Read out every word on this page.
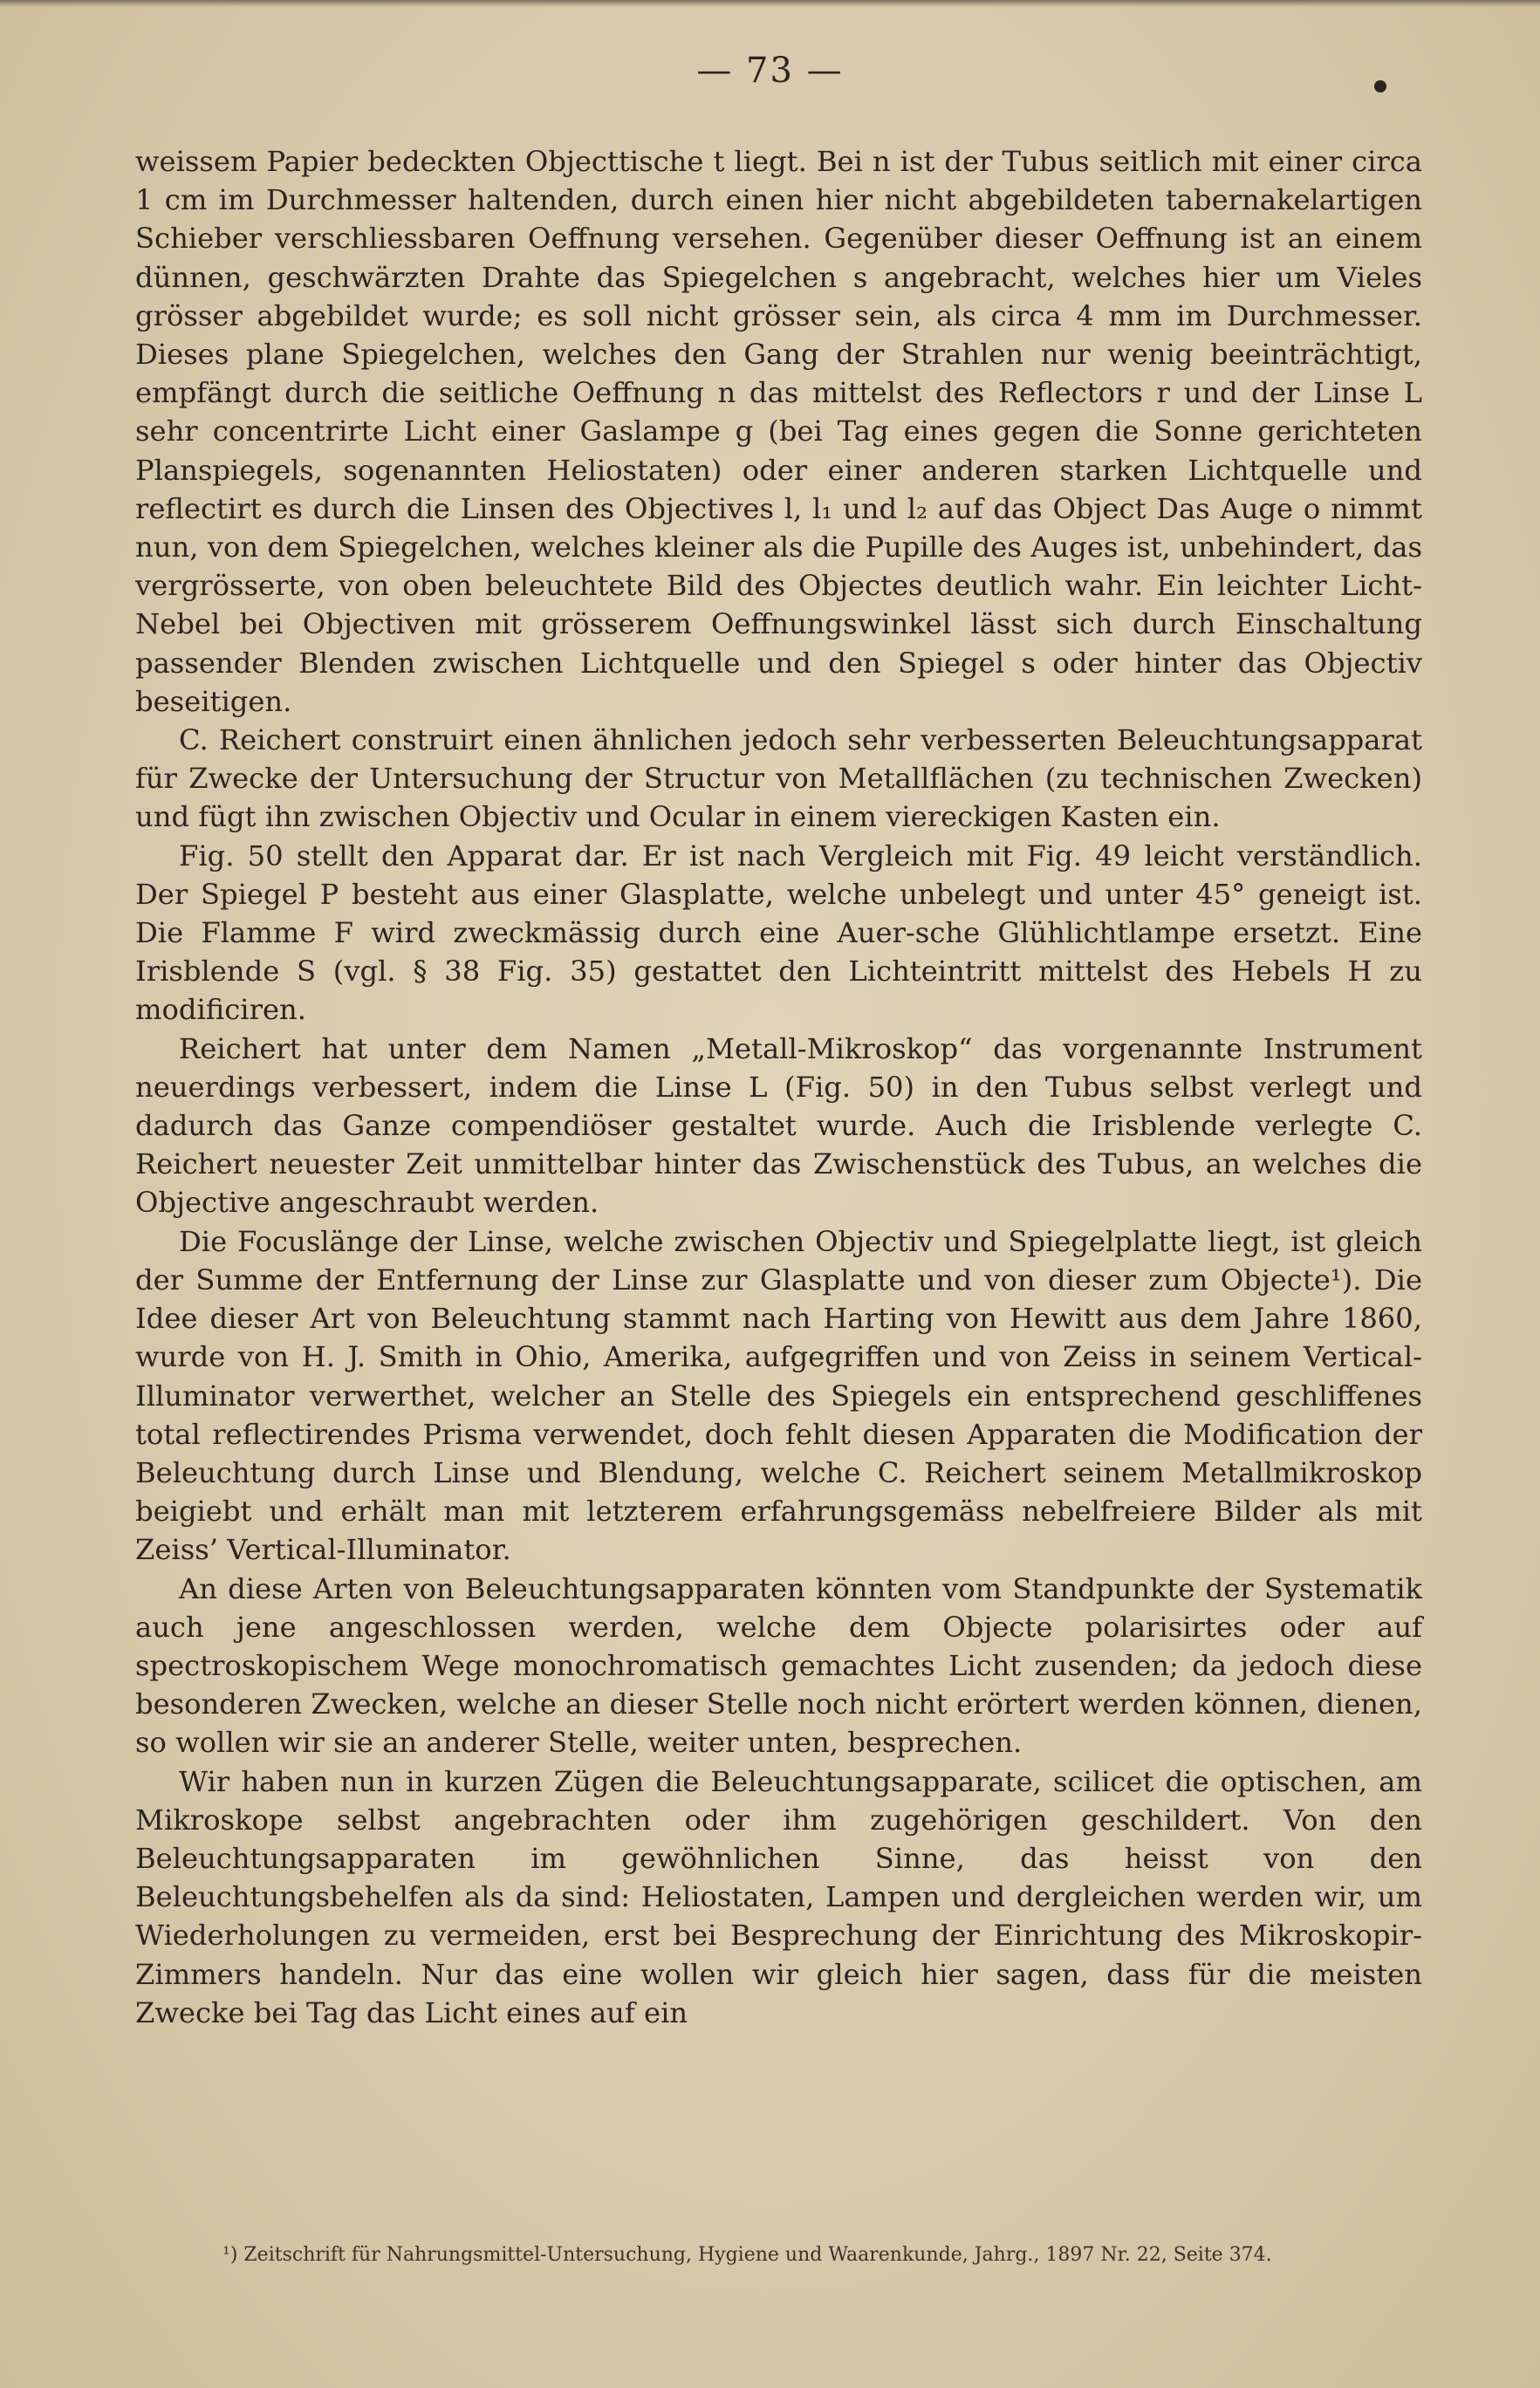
— 73 —

weissem Papier bedeckten Objecttische t liegt. Bei n ist der Tubus seitlich mit einer circa 1 cm im Durchmesser haltenden, durch einen hier nicht abgebildeten tabernakelartigen Schieber verschliessbaren Oeffnung versehen. Gegenüber dieser Oeffnung ist an einem dünnen, geschwärzten Drahte das Spiegelchen s angebracht, welches hier um Vieles grösser abgebildet wurde; es soll nicht grösser sein, als circa 4 mm im Durchmesser. Dieses plane Spiegelchen, welches den Gang der Strahlen nur wenig beeinträchtigt, empfängt durch die seitliche Oeffnung n das mittelst des Reflectors r und der Linse L sehr concentrirte Licht einer Gaslampe g (bei Tag eines gegen die Sonne gerichteten Planspiegels, sogenannten Heliostaten) oder einer anderen starken Lichtquelle und reflectirt es durch die Linsen des Objectives l, l₁ und l₂ auf das Object Das Auge o nimmt nun, von dem Spiegelchen, welches kleiner als die Pupille des Auges ist, unbehindert, das vergrösserte, von oben beleuchtete Bild des Objectes deutlich wahr. Ein leichter Licht-Nebel bei Objectiven mit grösserem Oeffnungswinkel lässt sich durch Einschaltung passender Blenden zwischen Lichtquelle und den Spiegel s oder hinter das Objectiv beseitigen.

C. Reichert construirt einen ähnlichen jedoch sehr verbesserten Beleuchtungsapparat für Zwecke der Untersuchung der Structur von Metallflächen (zu technischen Zwecken) und fügt ihn zwischen Objectiv und Ocular in einem viereckigen Kasten ein.

Fig. 50 stellt den Apparat dar. Er ist nach Vergleich mit Fig. 49 leicht verständlich. Der Spiegel P besteht aus einer Glasplatte, welche unbelegt und unter 45° geneigt ist. Die Flamme F wird zweckmässig durch eine Auer-sche Glühlichtlampe ersetzt. Eine Irisblende S (vgl. § 38 Fig. 35) gestattet den Lichteintritt mittelst des Hebels H zu modificiren.

Reichert hat unter dem Namen „Metall-Mikroskop“ das vorgenannte Instrument neuerdings verbessert, indem die Linse L (Fig. 50) in den Tubus selbst verlegt und dadurch das Ganze compendiöser gestaltet wurde. Auch die Irisblende verlegte C. Reichert neuester Zeit unmittelbar hinter das Zwischenstück des Tubus, an welches die Objective angeschraubt werden.

Die Focuslänge der Linse, welche zwischen Objectiv und Spiegelplatte liegt, ist gleich der Summe der Entfernung der Linse zur Glasplatte und von dieser zum Objecte¹). Die Idee dieser Art von Beleuchtung stammt nach Harting von Hewitt aus dem Jahre 1860, wurde von H. J. Smith in Ohio, Amerika, aufgegriffen und von Zeiss in seinem Vertical-Illuminator verwerthet, welcher an Stelle des Spiegels ein entsprechend geschliffenes total reflectirendes Prisma verwendet, doch fehlt diesen Apparaten die Modification der Beleuchtung durch Linse und Blendung, welche C. Reichert seinem Metallmikroskop beigiebt und erhält man mit letzterem erfahrungsgemäss nebelfreiere Bilder als mit Zeiss’ Vertical-Illuminator.

An diese Arten von Beleuchtungsapparaten könnten vom Standpunkte der Systematik auch jene angeschlossen werden, welche dem Objecte polarisirtes oder auf spectroskopischem Wege monochromatisch gemachtes Licht zusenden; da jedoch diese besonderen Zwecken, welche an dieser Stelle noch nicht erörtert werden können, dienen, so wollen wir sie an anderer Stelle, weiter unten, besprechen.

Wir haben nun in kurzen Zügen die Beleuchtungsapparate, scilicet die optischen, am Mikroskope selbst angebrachten oder ihm zugehörigen geschildert. Von den Beleuchtungsapparaten im gewöhnlichen Sinne, das heisst von den Beleuchtungsbehelfen als da sind: Heliostaten, Lampen und dergleichen werden wir, um Wiederholungen zu vermeiden, erst bei Besprechung der Einrichtung des Mikroskopir-Zimmers handeln. Nur das eine wollen wir gleich hier sagen, dass für die meisten Zwecke bei Tag das Licht eines auf ein

¹) Zeitschrift für Nahrungsmittel-Untersuchung, Hygiene und Waarenkunde, Jahrg., 1897 Nr. 22, Seite 374.
